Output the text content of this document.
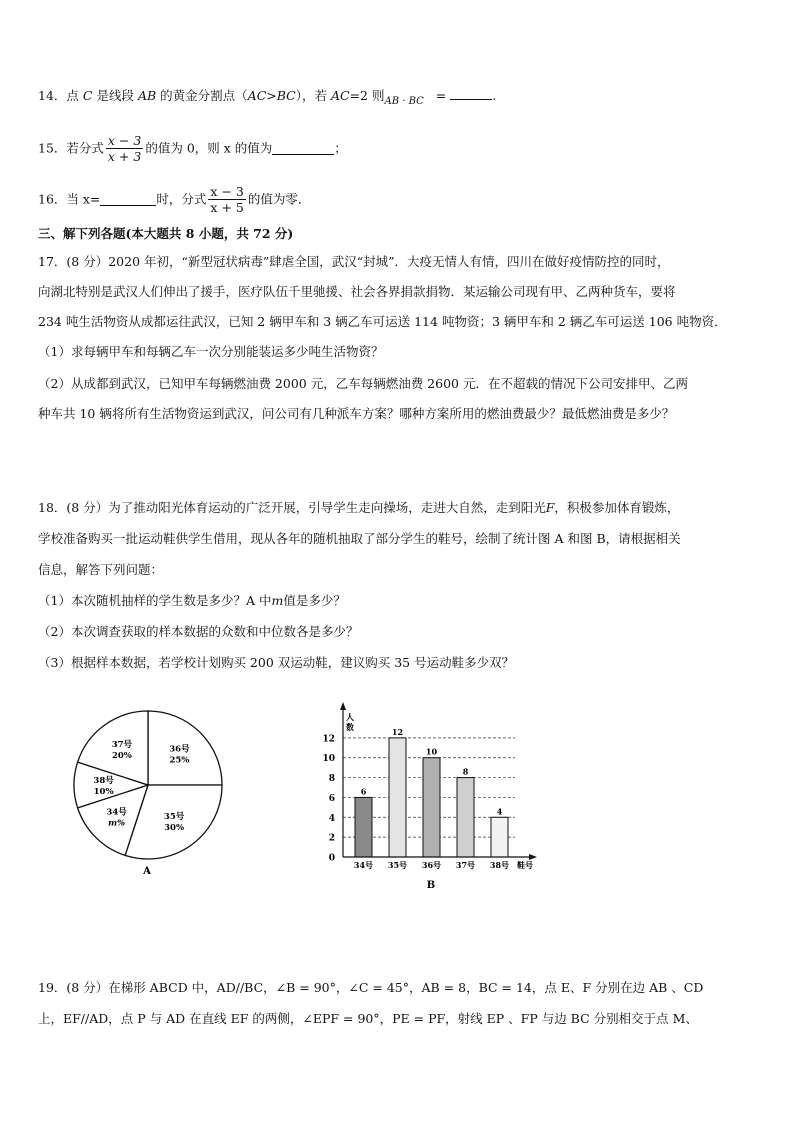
14．点 C 是线段 AB 的黄金分割点（AC>BC），若 AC=2 则$_{AB \cdot BC}$ =	.
15．若分式 $\frac{x - 3}{x + 3}$ 的值为 0，则 x 的值为	；
16．当 x=	时，分式 $\frac{x - 3}{x + 5}$ 的值为零．
三、解下列各题(本大题共 8 小题，共 72 分)
17．(8 分）2020 年初，“新型冠状病毒”肆虐全国，武汉“封城”．大疫无情人有情，四川在做好疫情防控的同时，
向湖北特别是武汉人们伸出了援手，医疗队伍千里驰援、社会各界捐款捐物．某运输公司现有甲、乙两种货车，要将
234 吨生活物资从成都运往武汉，已知 2 辆甲车和 3 辆乙车可运送 114 吨物资；3 辆甲车和 2 辆乙车可运送 106 吨物资．
（1）求每辆甲车和每辆乙车一次分别能装运多少吨生活物资？
（2）从成都到武汉，已知甲车每辆燃油费 2000 元，乙车每辆燃油费 2600 元．在不超载的情况下公司安排甲、乙两
种车共 10 辆将所有生活物资运到武汉，问公司有几种派车方案？哪种方案所用的燃油费最少？最低燃油费是多少？
18．(8 分）为了推动阳光体育运动的广泛开展，引导学生走向操场，走进大自然，走到阳光F，积极参加体育锻炼，
学校准备购买一批运动鞋供学生借用，现从各年的随机抽取了部分学生的鞋号，绘制了统计图 A 和图 B，请根据相关
信息，解答下列问题：
（1）本次随机抽样的学生数是多少？A 中m值是多少？
（2）本次调查获取的样本数据的众数和中位数各是多少？
（3）根据样本数据，若学校计划购买 200 双运动鞋，建议购买 35 号运动鞋多少双？
36号
25%
35号
30%
34号
m%
38号
10%
37号
20%
A
0
2
4
6
8
10
12
6
34号
12
35号
10
36号
8
37号
4
38号
人
数
鞋号
B
19．(8 分）在梯形 ABCD 中，AD//BC，∠B = 90°，∠C = 45°，AB = 8，BC = 14，点 E、F 分别在边 AB 、CD
上，EF//AD，点 P 与 AD 在直线 EF 的两侧，∠EPF = 90°，PE = PF，射线 EP 、FP 与边 BC 分别相交于点 M、
